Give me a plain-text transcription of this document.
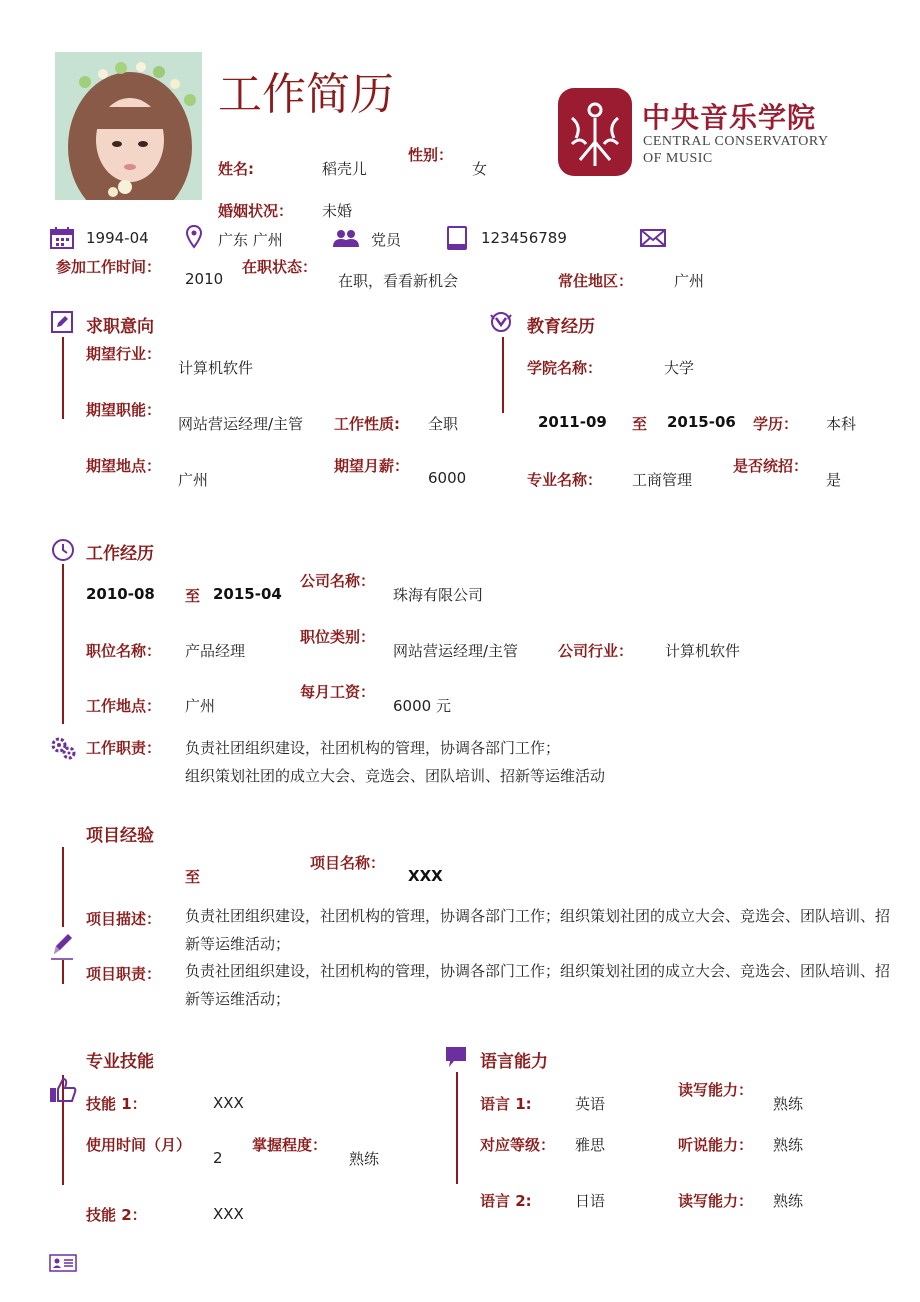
工作简历
姓名:	稻壳儿
性别：
女
婚姻状况： 未婚
中央音乐学院
CENTRAL CONSERVATORY
OF MUSIC
1994-04	广东 广州	党员	123456789
参加工作时间：
2010
在职状态：
在职，看看新机会	常住地区：	广州
求职意向
期望行业：
计算机软件
期望职能：
网站营运经理/主管 工作性质: 全职
期望地点：
广州
期望月薪：
6000
教育经历
学院名称：	大学
2011-09 至 2015-06 学历： 本科
专业名称： 工商管理
是否统招：
是
工作经历
2010-08 至 2015-04
公司名称：
珠海有限公司
职位名称： 产品经理
职位类别：
网站营运经理/主管	公司行业： 计算机软件
工作地点： 广州
每月工资：
6000 元
工作职责： 负责社团组织建设，社团机构的管理，协调各部门工作；
组织策划社团的成立大会、竞选会、团队培训、招新等运维活动
项目经验
至
项目名称：
XXX
项目描述： 负责社团组织建设，社团机构的管理，协调各部门工作；组织策划社团的成立大会、竞选会、团队培训、招新等运维活动；
项目职责： 负责社团组织建设，社团机构的管理，协调各部门工作；组织策划社团的成立大会、竞选会、团队培训、招新等运维活动；
专业技能
技能 1：	XXX
使用时间（月）
2
掌握程度：
熟练
技能 2：	XXX
语言能力
语言 1:	英语
读写能力：
熟练
对应等级： 雅思	听说能力： 熟练
语言 2:	日语	读写能力： 熟练
